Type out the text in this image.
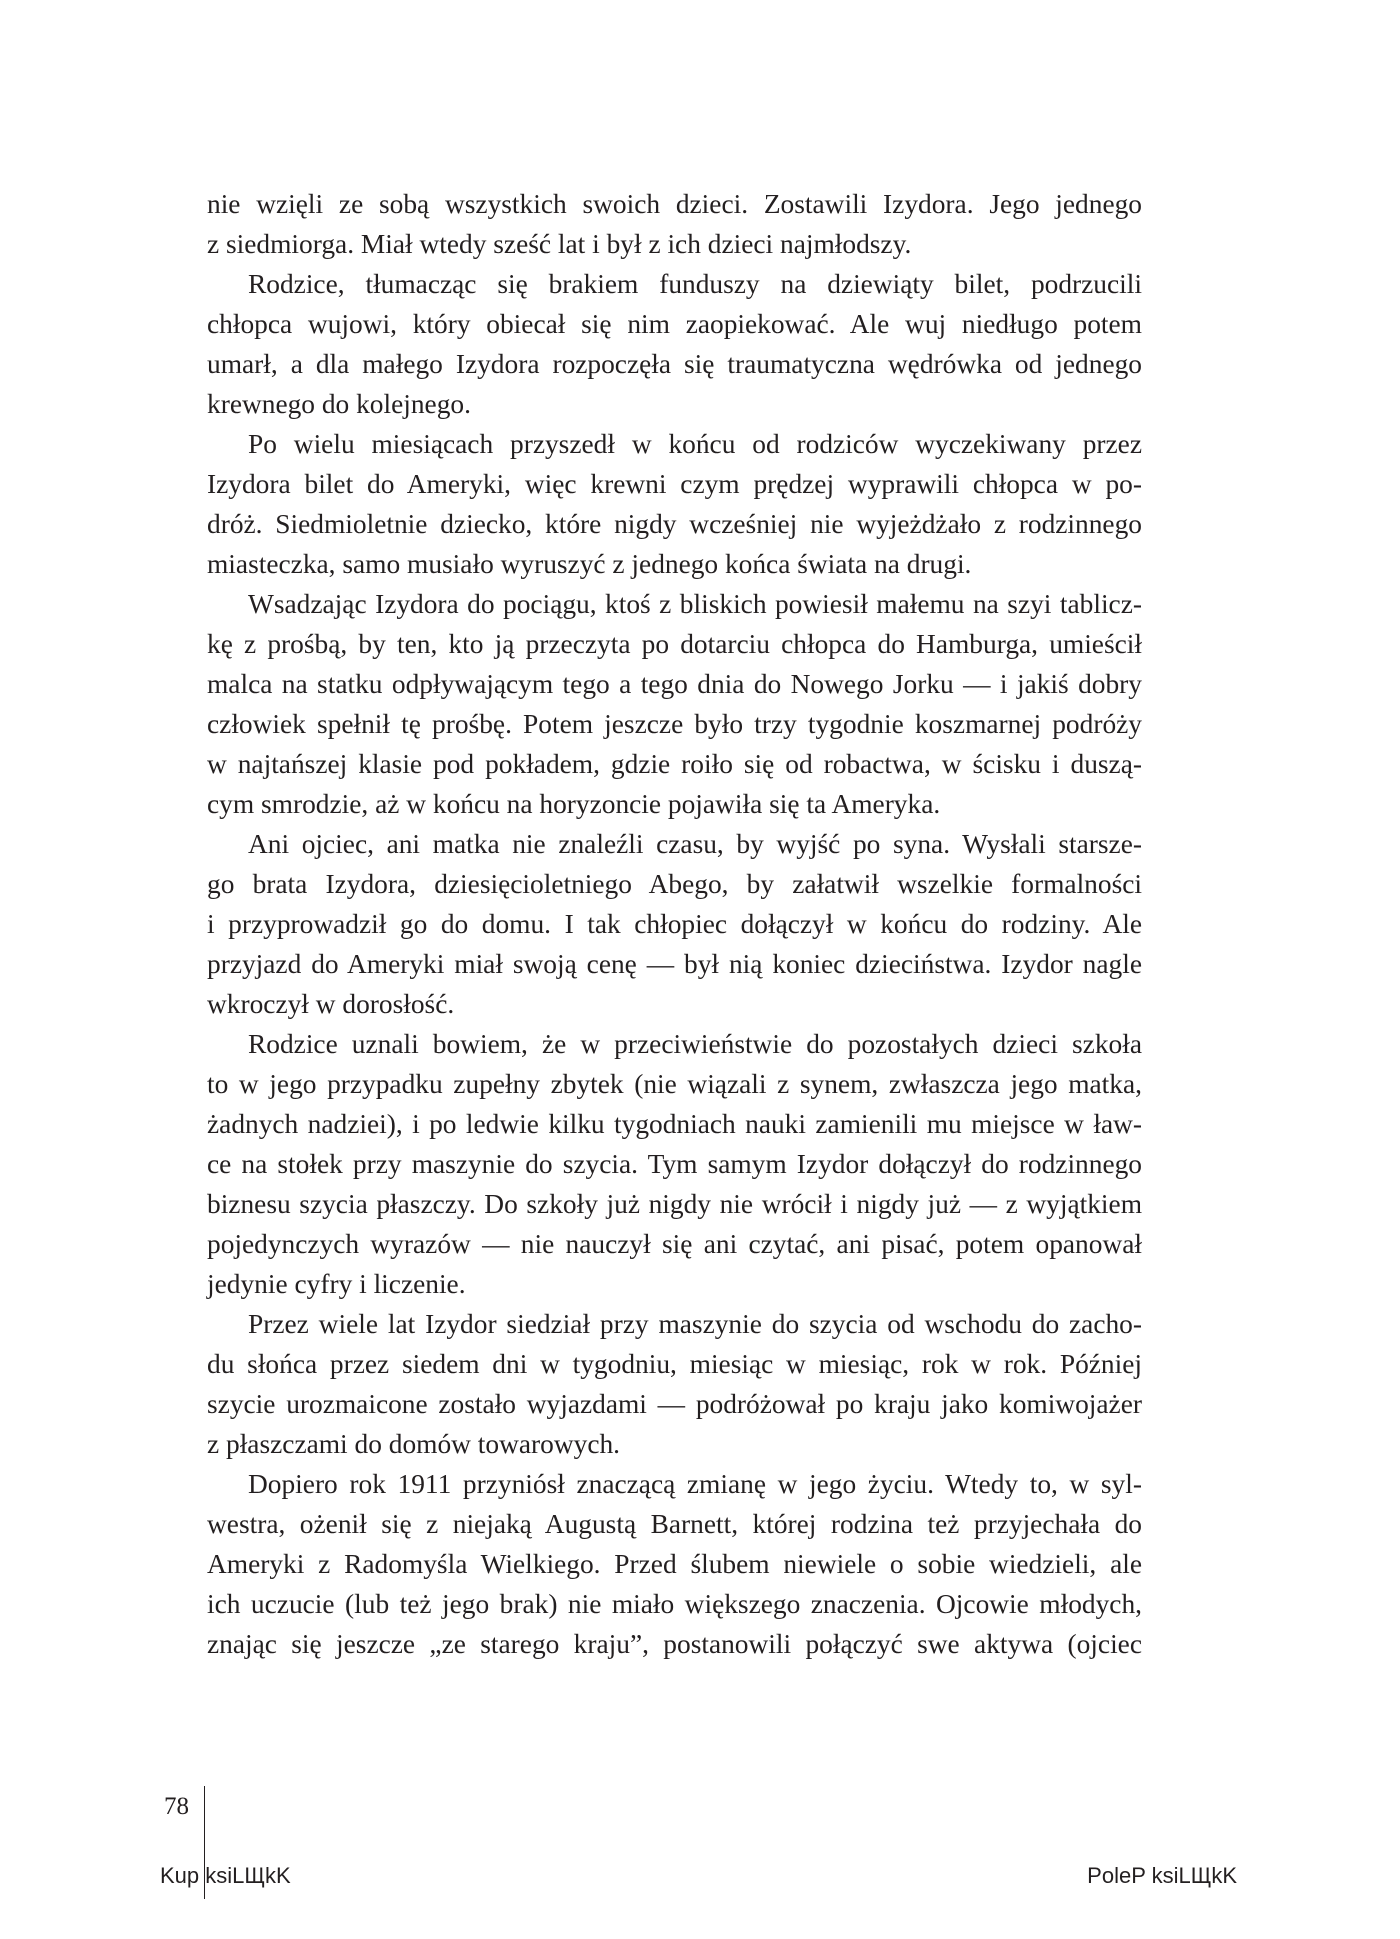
nie wzięli ze sobą wszystkich swoich dzieci. Zostawili Izydora. Jego jednego

z siedmiorga. Miał wtedy sześć lat i był z ich dzieci najmłodszy.

Rodzice, tłumacząc się brakiem funduszy na dziewiąty bilet, podrzucili

chłopca wujowi, który obiecał się nim zaopiekować. Ale wuj niedługo potem

umarł, a dla małego Izydora rozpoczęła się traumatyczna wędrówka od jednego

krewnego do kolejnego.

Po wielu miesiącach przyszedł w końcu od rodziców wyczekiwany przez

Izydora bilet do Ameryki, więc krewni czym prędzej wyprawili chłopca w po-

dróż. Siedmioletnie dziecko, które nigdy wcześniej nie wyjeżdżało z rodzinnego

miasteczka, samo musiało wyruszyć z jednego końca świata na drugi.

Wsadzając Izydora do pociągu, ktoś z bliskich powiesił małemu na szyi tablicz-

kę z prośbą, by ten, kto ją przeczyta po dotarciu chłopca do Hamburga, umieścił

malca na statku odpływającym tego a tego dnia do Nowego Jorku — i jakiś dobry

człowiek spełnił tę prośbę. Potem jeszcze było trzy tygodnie koszmarnej podróży

w najtańszej klasie pod pokładem, gdzie roiło się od robactwa, w ścisku i duszą-

cym smrodzie, aż w końcu na horyzoncie pojawiła się ta Ameryka.

Ani ojciec, ani matka nie znaleźli czasu, by wyjść po syna. Wysłali starsze-

go brata Izydora, dziesięcioletniego Abego, by załatwił wszelkie formalności

i przyprowadził go do domu. I tak chłopiec dołączył w końcu do rodziny. Ale

przyjazd do Ameryki miał swoją cenę — był nią koniec dzieciństwa. Izydor nagle

wkroczył w dorosłość.

Rodzice uznali bowiem, że w przeciwieństwie do pozostałych dzieci szkoła

to w jego przypadku zupełny zbytek (nie wiązali z synem, zwłaszcza jego matka,

żadnych nadziei), i po ledwie kilku tygodniach nauki zamienili mu miejsce w ław-

ce na stołek przy maszynie do szycia. Tym samym Izydor dołączył do rodzinnego

biznesu szycia płaszczy. Do szkoły już nigdy nie wrócił i nigdy już — z wyjątkiem

pojedynczych wyrazów — nie nauczył się ani czytać, ani pisać, potem opanował

jedynie cyfry i liczenie.

Przez wiele lat Izydor siedział przy maszynie do szycia od wschodu do zacho-

du słońca przez siedem dni w tygodniu, miesiąc w miesiąc, rok w rok. Później

szycie urozmaicone zostało wyjazdami — podróżował po kraju jako komiwojażer

z płaszczami do domów towarowych.

Dopiero rok 1911 przyniósł znaczącą zmianę w jego życiu. Wtedy to, w syl-

westra, ożenił się z niejaką Augustą Barnett, której rodzina też przyjechała do

Ameryki z Radomyśla Wielkiego. Przed ślubem niewiele o sobie wiedzieli, ale

ich uczucie (lub też jego brak) nie miało większego znaczenia. Ojcowie młodych,

znając się jeszcze „ze starego kraju”, postanowili połączyć swe aktywa (ojciec

78
Kup ksiLЩkK	PoleP ksiLЩkK
